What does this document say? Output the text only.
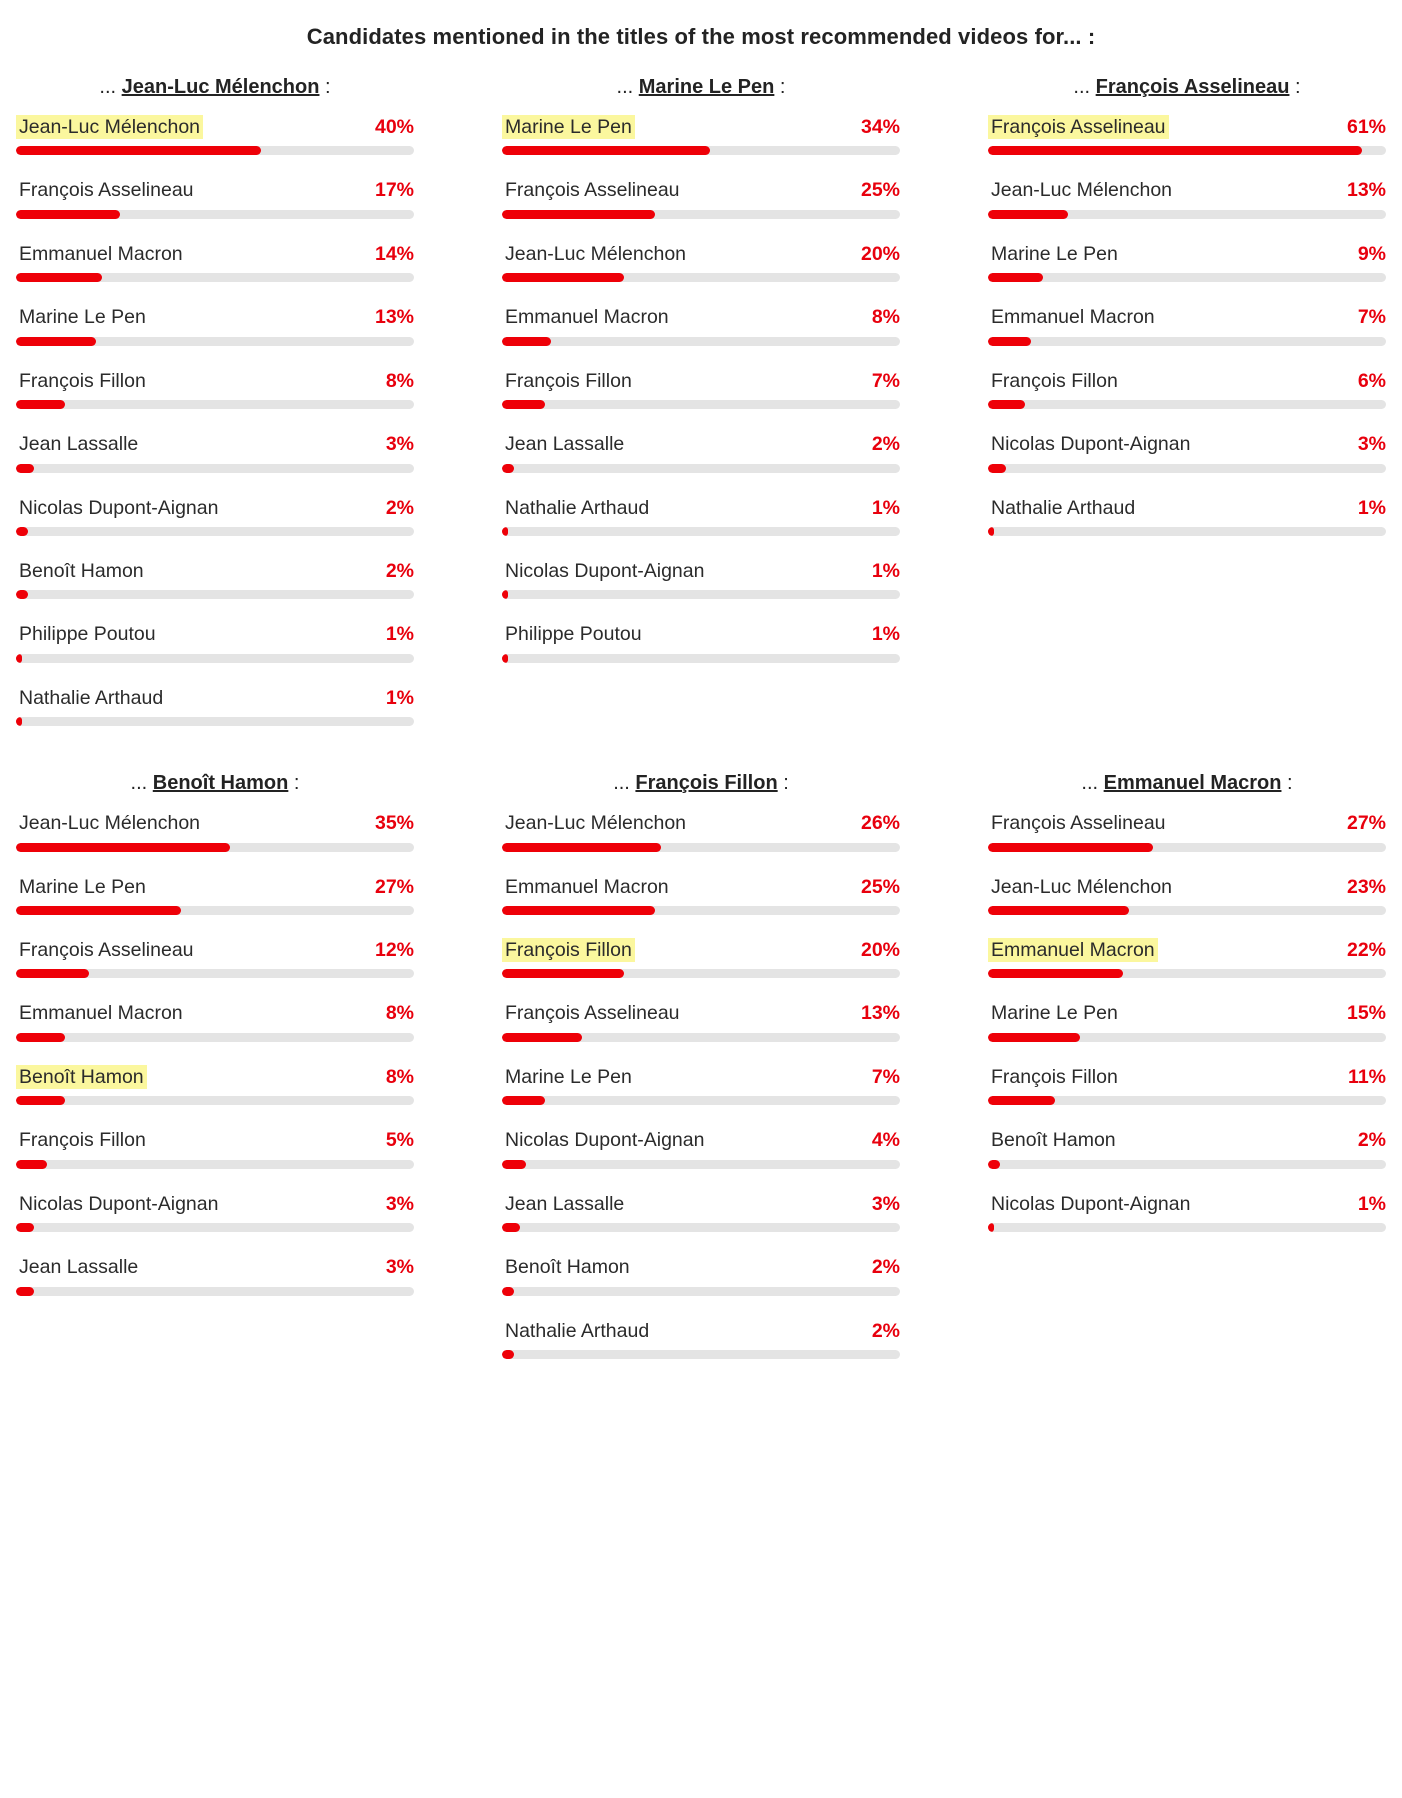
Candidates mentioned in the titles of the most recommended videos for... :
... Jean-Luc Mélenchon :
Jean-Luc Mélenchon	40%
François Asselineau	17%
Emmanuel Macron	14%
Marine Le Pen	13%
François Fillon	8%
Jean Lassalle	3%
Nicolas Dupont-Aignan	2%
Benoît Hamon	2%
Philippe Poutou	1%
Nathalie Arthaud	1%
... Marine Le Pen :
Marine Le Pen	34%
François Asselineau	25%
Jean-Luc Mélenchon	20%
Emmanuel Macron	8%
François Fillon	7%
Jean Lassalle	2%
Nathalie Arthaud	1%
Nicolas Dupont-Aignan	1%
Philippe Poutou	1%
... François Asselineau :
François Asselineau	61%
Jean-Luc Mélenchon	13%
Marine Le Pen	9%
Emmanuel Macron	7%
François Fillon	6%
Nicolas Dupont-Aignan	3%
Nathalie Arthaud	1%
... Benoît Hamon :
Jean-Luc Mélenchon	35%
Marine Le Pen	27%
François Asselineau	12%
Emmanuel Macron	8%
Benoît Hamon	8%
François Fillon	5%
Nicolas Dupont-Aignan	3%
Jean Lassalle	3%
... François Fillon :
Jean-Luc Mélenchon	26%
Emmanuel Macron	25%
François Fillon	20%
François Asselineau	13%
Marine Le Pen	7%
Nicolas Dupont-Aignan	4%
Jean Lassalle	3%
Benoît Hamon	2%
Nathalie Arthaud	2%
... Emmanuel Macron :
François Asselineau	27%
Jean-Luc Mélenchon	23%
Emmanuel Macron	22%
Marine Le Pen	15%
François Fillon	11%
Benoît Hamon	2%
Nicolas Dupont-Aignan	1%
